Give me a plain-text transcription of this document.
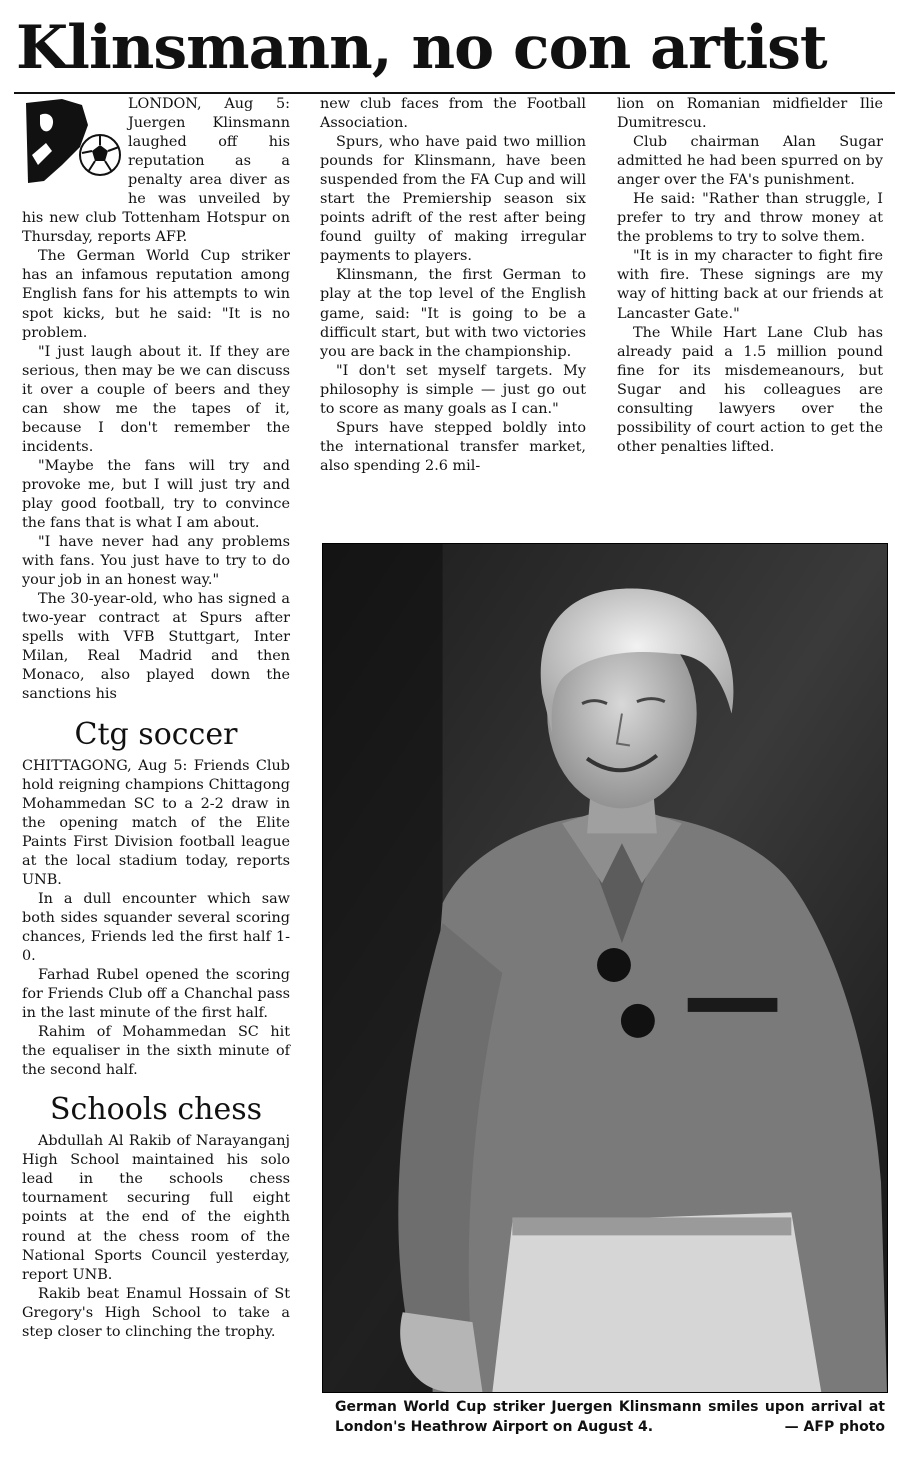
Klinsmann, no con artist

LONDON, Aug 5: Juergen Klinsmann laughed off his reputation as a penalty area diver as he was unveiled by his new club Tottenham Hotspur on Thursday, reports AFP.

The German World Cup striker has an infamous reputation among English fans for his attempts to win spot kicks, but he said: "It is no problem.

"I just laugh about it. If they are serious, then may be we can discuss it over a couple of beers and they can show me the tapes of it, because I don't remember the incidents.

"Maybe the fans will try and provoke me, but I will just try and play good football, try to convince the fans that is what I am about.

"I have never had any problems with fans. You just have to try to do your job in an honest way."

The 30-year-old, who has signed a two-year contract at Spurs after spells with VFB Stuttgart, Inter Milan, Real Madrid and then Monaco, also played down the sanctions his

Ctg soccer

CHITTAGONG, Aug 5: Friends Club hold reigning champions Chittagong Mohammedan SC to a 2-2 draw in the opening match of the Elite Paints First Division football league at the local stadium today, reports UNB.

In a dull encounter which saw both sides squander several scoring chances, Friends led the first half 1-0.

Farhad Rubel opened the scoring for Friends Club off a Chanchal pass in the last minute of the first half.

Rahim of Mohammedan SC hit the equaliser in the sixth minute of the second half.

Schools chess

Abdullah Al Rakib of Narayanganj High School maintained his solo lead in the schools chess tournament securing full eight points at the end of the eighth round at the chess room of the National Sports Council yesterday, report UNB.

Rakib beat Enamul Hossain of St Gregory's High School to take a step closer to clinching the trophy.

new club faces from the Football Association.

Spurs, who have paid two million pounds for Klinsmann, have been suspended from the FA Cup and will start the Premiership season six points adrift of the rest after being found guilty of making irregular payments to players.

Klinsmann, the first German to play at the top level of the English game, said: "It is going to be a difficult start, but with two victories you are back in the championship.

"I don't set myself targets. My philosophy is simple — just go out to score as many goals as I can."

Spurs have stepped boldly into the international transfer market, also spending 2.6 mil-

lion on Romanian midfielder Ilie Dumitrescu.

Club chairman Alan Sugar admitted he had been spurred on by anger over the FA's punishment.

He said: "Rather than struggle, I prefer to try and throw money at the problems to try to solve them.

"It is in my character to fight fire with fire. These signings are my way of hitting back at our friends at Lancaster Gate."

The While Hart Lane Club has already paid a 1.5 million pound fine for its misdemeanours, but Sugar and his colleagues are consulting lawyers over the possibility of court action to get the other penalties lifted.

German World Cup striker Juergen Klinsmann smiles upon arrival at London's Heathrow Airport on August 4.	— AFP photo
